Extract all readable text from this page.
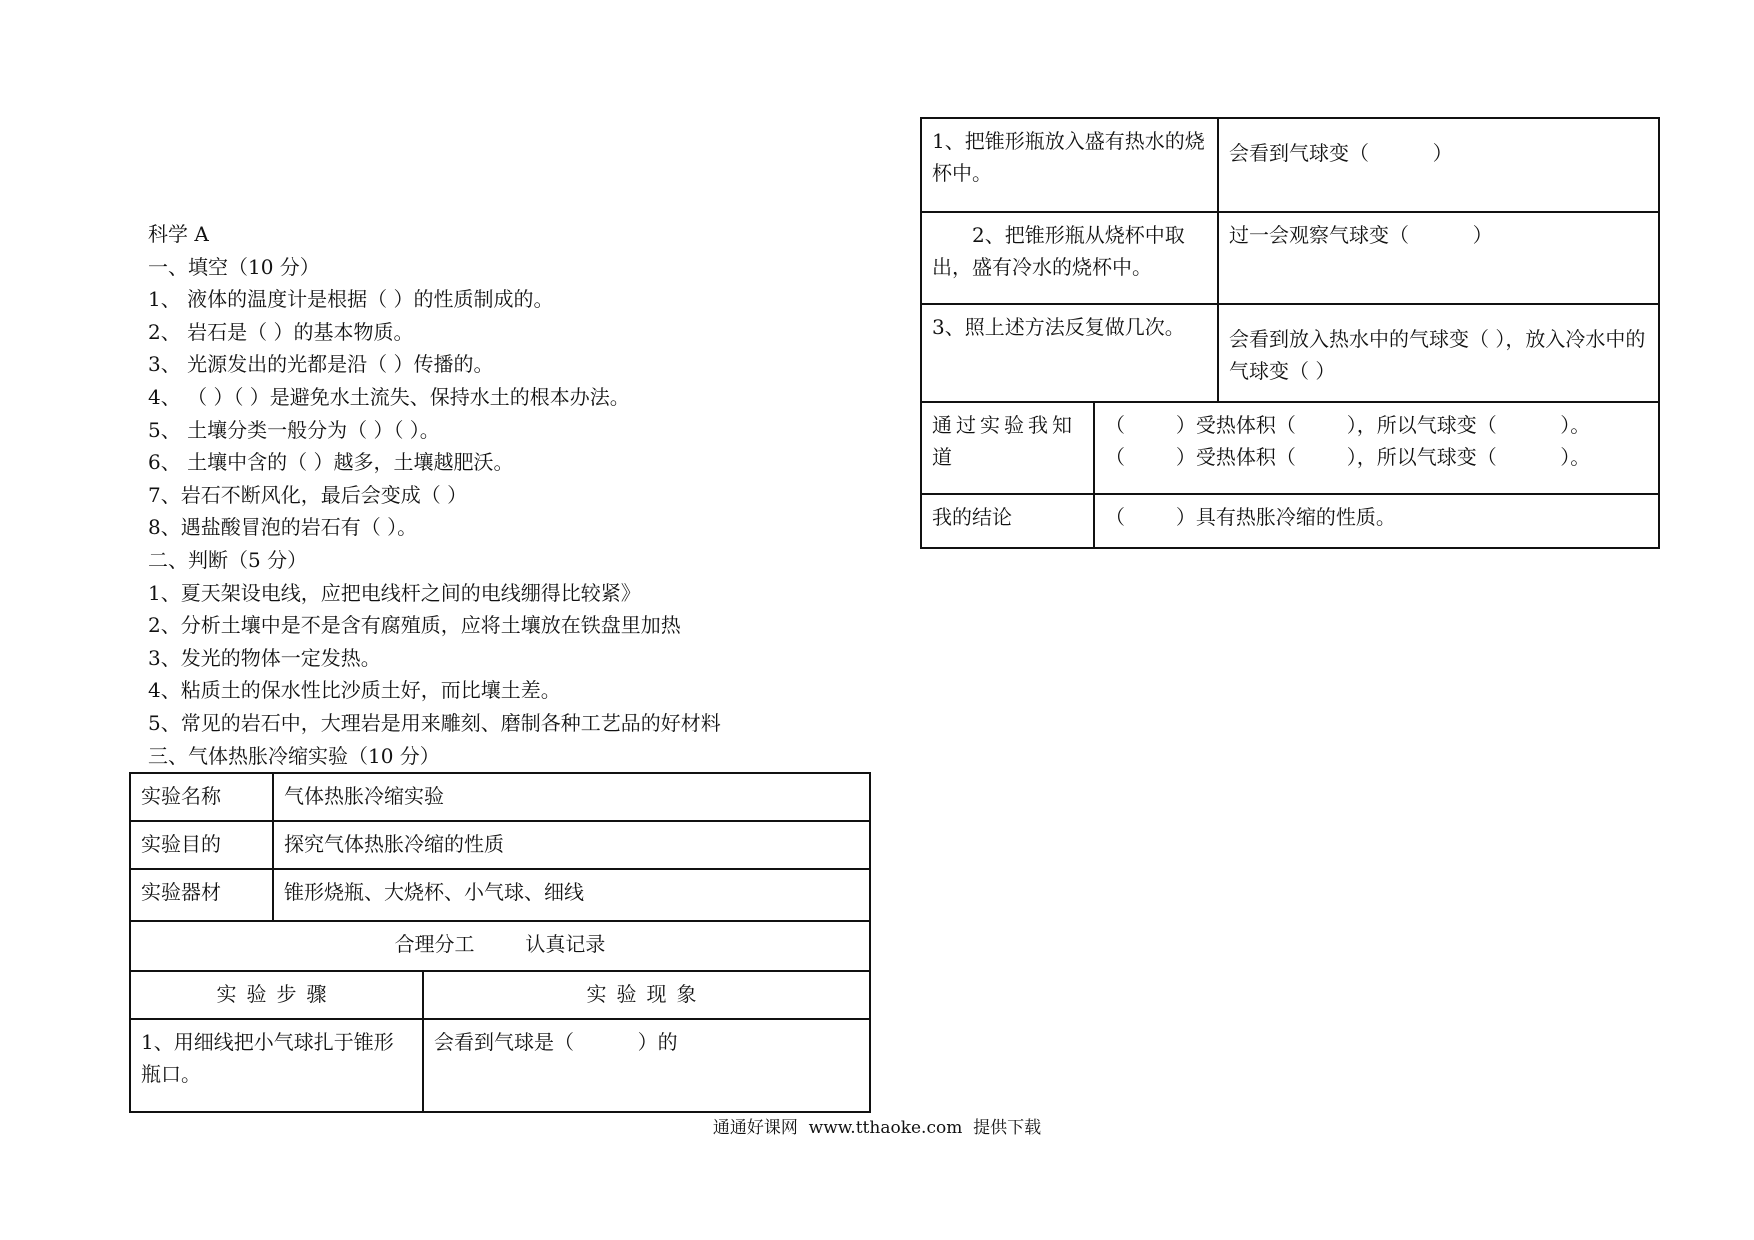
科学 A
一、填空（10 分）
1、 液体的温度计是根据（ ）的性质制成的。
2、 岩石是（ ）的基本物质。
3、 光源发出的光都是沿（ ）传播的。
4、 （ ）（ ）是避免水土流失、保持水土的根本办法。
5、 土壤分类一般分为（ ）（ ）。
6、 土壤中含的（ ）越多，土壤越肥沃。
7、岩石不断风化，最后会变成（ ）
8、遇盐酸冒泡的岩石有（ ）。
二、判断（5 分）
1、夏天架设电线，应把电线杆之间的电线绷得比较紧》
2、分析土壤中是不是含有腐殖质，应将土壤放在铁盘里加热
3、发光的物体一定发热。
4、粘质土的保水性比沙质土好，而比壤土差。
5、常见的岩石中，大理岩是用来雕刻、磨制各种工艺品的好材料
三、气体热胀冷缩实验（10 分）
实验名称	气体热胀冷缩实验	
实验目的	探究气体热胀冷缩的性质	
实验器材	锥形烧瓶、大烧杯、小气球、细线	
合理分工        认真记录		
实验步骤		实验现象
1、用细线把小气球扎于锥形瓶口。		会看到气球是（          ）的
1、把锥形瓶放入盛有热水的烧杯中。		会看到气球变（          ）
2、把锥形瓶从烧杯中取出，盛有冷水的烧杯中。		过一会观察气球变（          ）
3、照上述方法反复做几次。		会看到放入热水中的气球变（ ），放入冷水中的气球变（ ）
通过实验我知道	（        ）受热体积（        ），所以气球变（          ）。
（        ）受热体积（        ），所以气球变（          ）。	

我的结论	（        ）具有热胀冷缩的性质。	
通通好课网  www.tthaoke.com  提供下载
